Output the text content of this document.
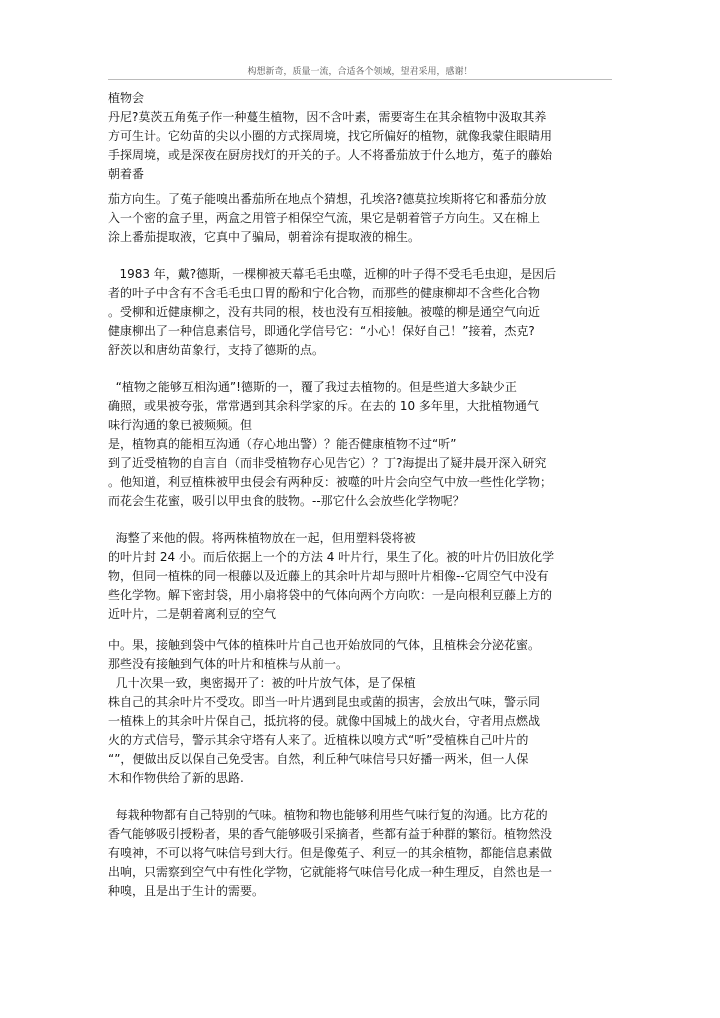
构想新奇，质量一流，合适各个领域，望君采用，感谢！

植物会

丹尼?莫茨五角菟子作一种蔓生植物，因不含叶素，需要寄生在其余植物中汲取其养

方可生计。它幼苗的尖以小圈的方式探周境，找它所偏好的植物，就像我蒙住眼睛用

手探周境，或是深夜在厨房找灯的开关的子。人不将番茄放于什么地方，菟子的藤始

朝着番

茄方向生。了菟子能嗅出番茄所在地点个猜想，孔埃洛?德莫拉埃斯将它和番茄分放

入一个密的盒子里，两盒之用管子相保空气流，果它是朝着管子方向生。又在棉上

涂上番茄提取液，它真中了骗局，朝着涂有提取液的棉生。

1983 年，戴?德斯，一棵柳被天幕毛毛虫噬，近柳的叶子得不受毛毛虫迎，是因后

者的叶子中含有不含毛毛虫口胃的酚和宁化合物，而那些的健康柳却不含些化合物

。受柳和近健康柳之，没有共同的根，枝也没有互相接触。被噬的柳是通空气向近

健康柳出了一种信息素信号，即通化学信号它：“小心！保好自己！”接着，杰克?

舒茨以和唐幼苗象行，支持了德斯的点。

“植物之能够互相沟通”!德斯的一，覆了我过去植物的。但是些道大多缺少正

确照，或果被夸张，常常遇到其余科学家的斥。在去的 10 多年里，大批植物通气

味行沟通的象已被频频。但

是，植物真的能相互沟通（存心地出警）？能否健康植物不过“听”

到了近受植物的自言自（而非受植物存心见告它）？丁?海提出了疑井晨开深入研究

。他知道，利豆植株被甲虫侵会有两种反：被噬的叶片会向空气中放一些性化学物；

而花会生花蜜，吸引以甲虫食的肢物。--那它什么会放些化学物呢？

海整了来他的假。将两株植物放在一起，但用塑料袋将被

的叶片封 24 小。而后依据上一个的方法 4 叶片行，果生了化。被的叶片仍旧放化学

物，但同一植株的同一根藤以及近藤上的其余叶片却与照叶片相像--它周空气中没有

些化学物。解下密封袋，用小扇将袋中的气体向两个方向吹：一是向根利豆藤上方的

近叶片，二是朝着离利豆的空气

中。果，接触到袋中气体的植株叶片自己也开始放同的气体，且植株会分泌花蜜。

那些没有接触到气体的叶片和植株与从前一。

几十次果一致，奥密揭开了：被的叶片放气体，是了保植

株自己的其余叶片不受攻。即当一叶片遇到昆虫或菌的损害，会放出气味，警示同

一植株上的其余叶片保自己，抵抗将的侵。就像中国城上的战火台，守者用点燃战

火的方式信号，警示其余守塔有人来了。近植株以嗅方式“听”受植株自己叶片的

“”，便做出反以保自己免受害。自然，利丘种气味信号只好播一两米，但一人保

木和作物供给了新的思路.

每栽种物都有自己特别的气味。植物和物也能够利用些气味行复的沟通。比方花的

香气能够吸引授粉者，果的香气能够吸引采摘者，些都有益于种群的繁衍。植物然没

有嗅神，不可以将气味信号到大行。但是像菟子、利豆一的其余植物，都能信息素做

出响，只需察到空气中有性化学物，它就能将气味信号化成一种生理反，自然也是一

种嗅，且是出于生计的需要。
